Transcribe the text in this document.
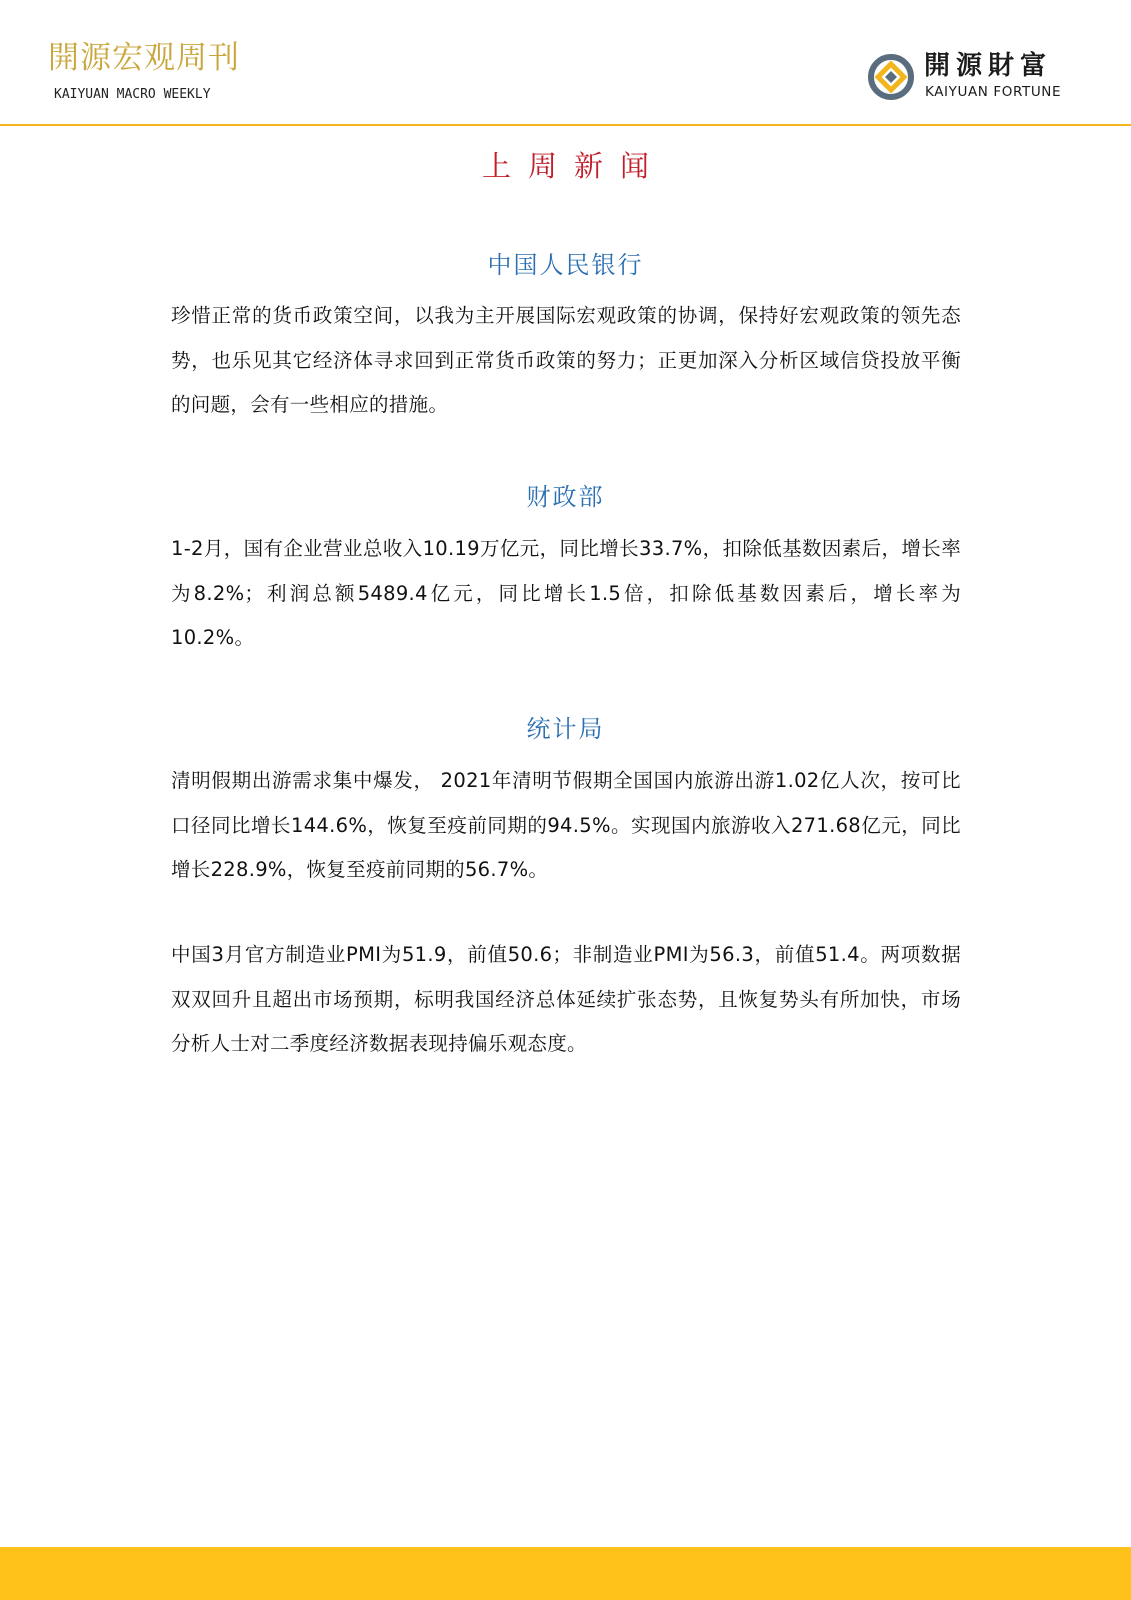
開源宏观周刊
KAIYUAN MACRO WEEKLY
開源財富
KAIYUAN FORTUNE
上周新闻
中国人民银行
珍惜正常的货币政策空间，以我为主开展国际宏观政策的协调，保持好宏观政策的领先态势，也乐见其它经济体寻求回到正常货币政策的努力；正更加深入分析区域信贷投放平衡的问题，会有一些相应的措施。
财政部
1-2月，国有企业营业总收入10.19万亿元，同比增长33.7%，扣除低基数因素后，增长率为8.2%；利润总额5489.4亿元，同比增长1.5倍，扣除低基数因素后，增长率为10.2%。
统计局
清明假期出游需求集中爆发， 2021年清明节假期全国国内旅游出游1.02亿人次，按可比口径同比增长144.6%，恢复至疫前同期的94.5%。实现国内旅游收入271.68亿元，同比增长228.9%，恢复至疫前同期的56.7%。
中国3月官方制造业PMI为51.9，前值50.6；非制造业PMI为56.3，前值51.4。两项数据双双回升且超出市场预期，标明我国经济总体延续扩张态势，且恢复势头有所加快，市场分析人士对二季度经济数据表现持偏乐观态度。
